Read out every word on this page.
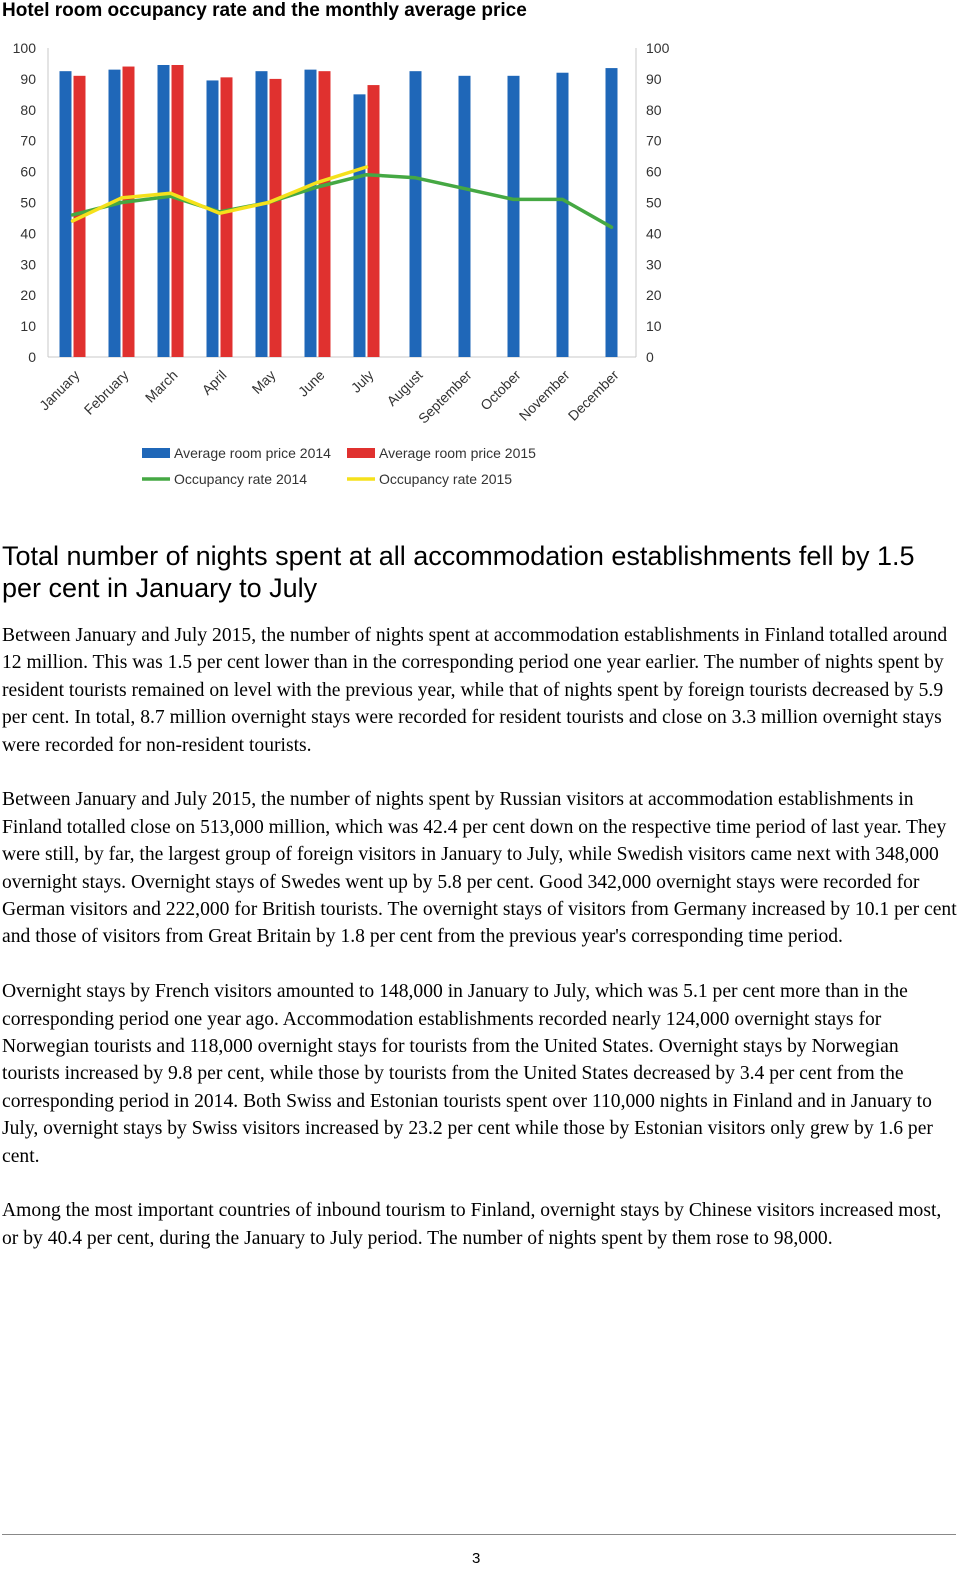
Hotel room occupancy rate and the monthly average price
0	0
10	10
20	20
30	30
40	40
50	50
60	60
70	70
80	80
90	90
100	100
January
February March April May June July August
September October
November
December
Average room price 2014	Average room price 2015
Occupancy rate 2014	Occupancy rate 2015
Total number of nights spent at all accommodation establishments fell by 1.5 per cent in January to July

Between January and July 2015, the number of nights spent at accommodation establishments in Finland totalled around 12 million. This was 1.5 per cent lower than in the corresponding period one year earlier. The number of nights spent by resident tourists remained on level with the previous year, while that of nights spent by foreign tourists decreased by 5.9 per cent. In total, 8.7 million overnight stays were recorded for resident tourists and close on 3.3 million overnight stays were recorded for non-resident tourists.

Between January and July 2015, the number of nights spent by Russian visitors at accommodation establishments in Finland totalled close on 513,000 million, which was 42.4 per cent down on the respective time period of last year. They were still, by far, the largest group of foreign visitors in January to July, while Swedish visitors came next with 348,000 overnight stays. Overnight stays of Swedes went up by 5.8 per cent. Good 342,000 overnight stays were recorded for German visitors and 222,000 for British tourists. The overnight stays of visitors from Germany increased by 10.1 per cent and those of visitors from Great Britain by 1.8 per cent from the previous year's corresponding time period.

Overnight stays by French visitors amounted to 148,000 in January to July, which was 5.1 per cent more than in the corresponding period one year ago. Accommodation establishments recorded nearly 124,000 overnight stays for Norwegian tourists and 118,000 overnight stays for tourists from the United States. Overnight stays by Norwegian tourists increased by 9.8 per cent, while those by tourists from the United States decreased by 3.4 per cent from the corresponding period in 2014. Both Swiss and Estonian tourists spent over 110,000 nights in Finland and in January to July, overnight stays by Swiss visitors increased by 23.2 per cent while those by Estonian visitors only grew by 1.6 per cent.

Among the most important countries of inbound tourism to Finland, overnight stays by Chinese visitors increased most, or by 40.4 per cent, during the January to July period. The number of nights spent by them rose to 98,000.

3
